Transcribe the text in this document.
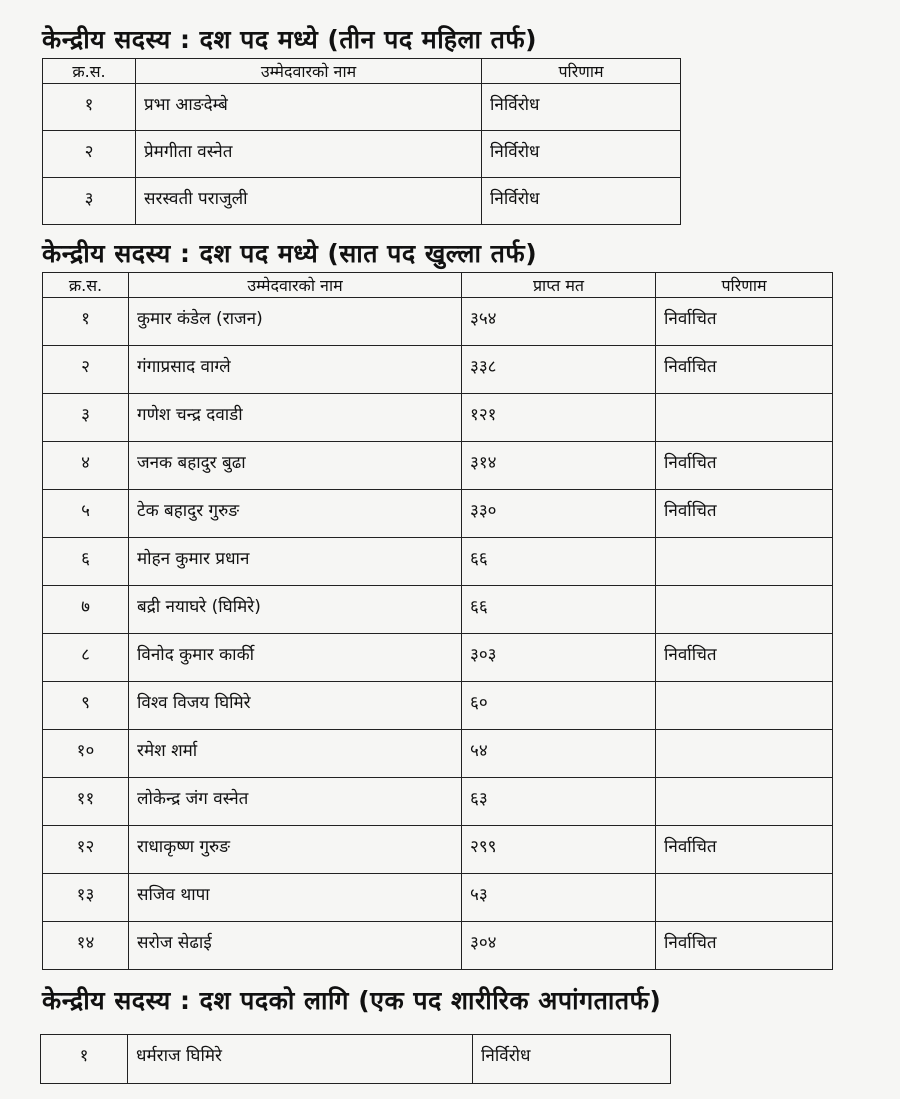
केन्द्रीय सदस्य : दश पद मध्ये (तीन पद महिला तर्फ)
क्र.स.	उम्मेदवारको नाम	परिणाम
१	प्रभा आङदेम्बे	निर्विरोध
२	प्रेमगीता वस्नेत	निर्विरोध
३	सरस्वती पराजुली	निर्विरोध
केन्द्रीय सदस्य : दश पद मध्ये (सात पद खुल्ला तर्फ)
क्र.स.	उम्मेदवारको नाम	प्राप्त मत	परिणाम
१	कुमार कंडेल (राजन)	३५४	निर्वाचित
२	गंगाप्रसाद वाग्ले	३३८	निर्वाचित
३	गणेश चन्द्र दवाडी	१२१	
४	जनक बहादुर बुढा	३१४	निर्वाचित
५	टेक बहादुर गुरुङ	३३०	निर्वाचित
६	मोहन कुमार प्रधान	६६	
७	बद्री नयाघरे (घिमिरे)	६६	
८	विनोद कुमार कार्की	३०३	निर्वाचित
९	विश्व विजय घिमिरे	६०	
१०	रमेश शर्मा	५४	
११	लोकेन्द्र जंग वस्नेत	६३	
१२	राधाकृष्ण गुरुङ	२९९	निर्वाचित
१३	सजिव थापा	५३	
१४	सरोज सेढाई	३०४	निर्वाचित
केन्द्रीय सदस्य : दश पदको लागि (एक पद शारीरिक अपांगतातर्फ)
१	धर्मराज घिमिरे	निर्विरोध
